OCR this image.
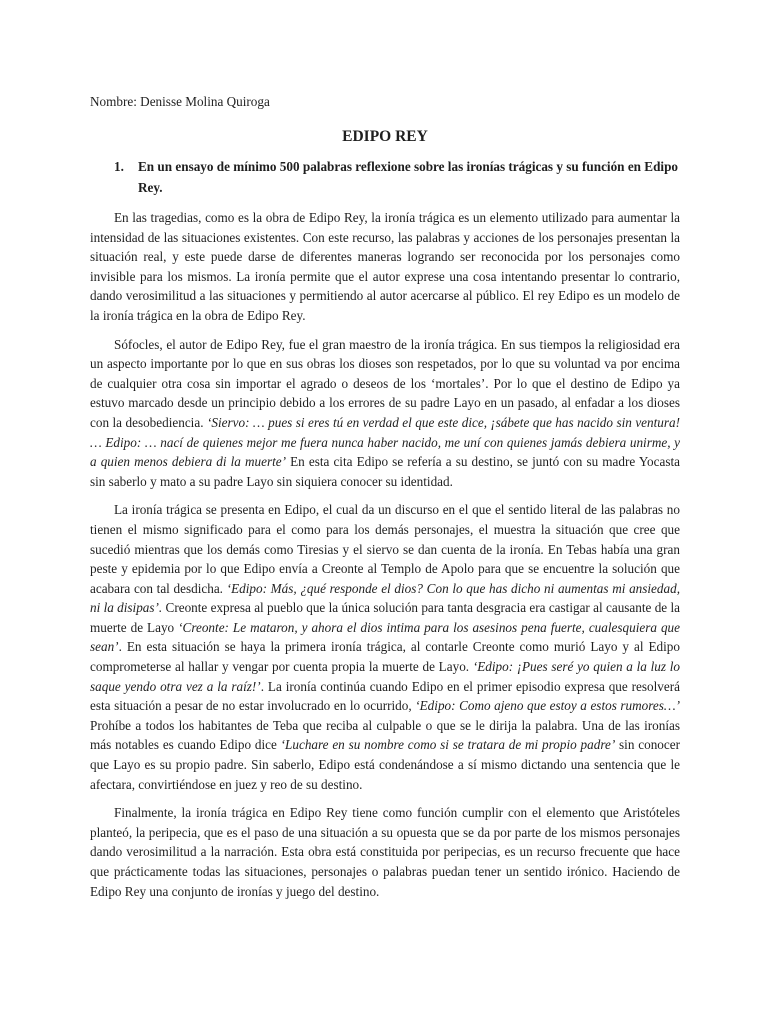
Nombre: Denisse Molina Quiroga

EDIPO REY
1.	En un ensayo de mínimo 500 palabras reflexione sobre las ironías trágicas y su función en Edipo Rey.

En las tragedias, como es la obra de Edipo Rey, la ironía trágica es un elemento utilizado para aumentar la intensidad de las situaciones existentes. Con este recurso, las palabras y acciones de los personajes presentan la situación real, y este puede darse de diferentes maneras logrando ser reconocida por los personajes como invisible para los mismos. La ironía permite que el autor exprese una cosa intentando presentar lo contrario, dando verosimilitud a las situaciones y permitiendo al autor acercarse al público. El rey Edipo es un modelo de la ironía trágica en la obra de Edipo Rey.

Sófocles, el autor de Edipo Rey, fue el gran maestro de la ironía trágica. En sus tiempos la religiosidad era un aspecto importante por lo que en sus obras los dioses son respetados, por lo que su voluntad va por encima de cualquier otra cosa sin importar el agrado o deseos de los ‘mortales’. Por lo que el destino de Edipo ya estuvo marcado desde un principio debido a los errores de su padre Layo en un pasado, al enfadar a los dioses con la desobediencia. ‘Siervo: … pues si eres tú en verdad el que este dice, ¡sábete que has nacido sin ventura! … Edipo: … nací de quienes mejor me fuera nunca haber nacido, me uní con quienes jamás debiera unirme, y a quien menos debiera di la muerte’ En esta cita Edipo se refería a su destino, se juntó con su madre Yocasta sin saberlo y mato a su padre Layo sin siquiera conocer su identidad.

La ironía trágica se presenta en Edipo, el cual da un discurso en el que el sentido literal de las palabras no tienen el mismo significado para el como para los demás personajes, el muestra la situación que cree que sucedió mientras que los demás como Tiresias y el siervo se dan cuenta de la ironía. En Tebas había una gran peste y epidemia por lo que Edipo envía a Creonte al Templo de Apolo para que se encuentre la solución que acabara con tal desdicha. ‘Edipo: Más, ¿qué responde el dios? Con lo que has dicho ni aumentas mi ansiedad, ni la disipas’. Creonte expresa al pueblo que la única solución para tanta desgracia era castigar al causante de la muerte de Layo ‘Creonte: Le mataron, y ahora el dios intima para los asesinos pena fuerte, cualesquiera que sean’. En esta situación se haya la primera ironía trágica, al contarle Creonte como murió Layo y al Edipo comprometerse al hallar y vengar por cuenta propia la muerte de Layo. ‘Edipo: ¡Pues seré yo quien a la luz lo saque yendo otra vez a la raíz!’. La ironía continúa cuando Edipo en el primer episodio expresa que resolverá esta situación a pesar de no estar involucrado en lo ocurrido, ‘Edipo: Como ajeno que estoy a estos rumores…’ Prohíbe a todos los habitantes de Teba que reciba al culpable o que se le dirija la palabra. Una de las ironías más notables es cuando Edipo dice ‘Luchare en su nombre como si se tratara de mi propio padre’ sin conocer que Layo es su propio padre. Sin saberlo, Edipo está condenándose a sí mismo dictando una sentencia que le afectara, convirtiéndose en juez y reo de su destino.

Finalmente, la ironía trágica en Edipo Rey tiene como función cumplir con el elemento que Aristóteles planteó, la peripecia, que es el paso de una situación a su opuesta que se da por parte de los mismos personajes dando verosimilitud a la narración. Esta obra está constituida por peripecias, es un recurso frecuente que hace que prácticamente todas las situaciones, personajes o palabras puedan tener un sentido irónico. Haciendo de Edipo Rey una conjunto de ironías y juego del destino.
